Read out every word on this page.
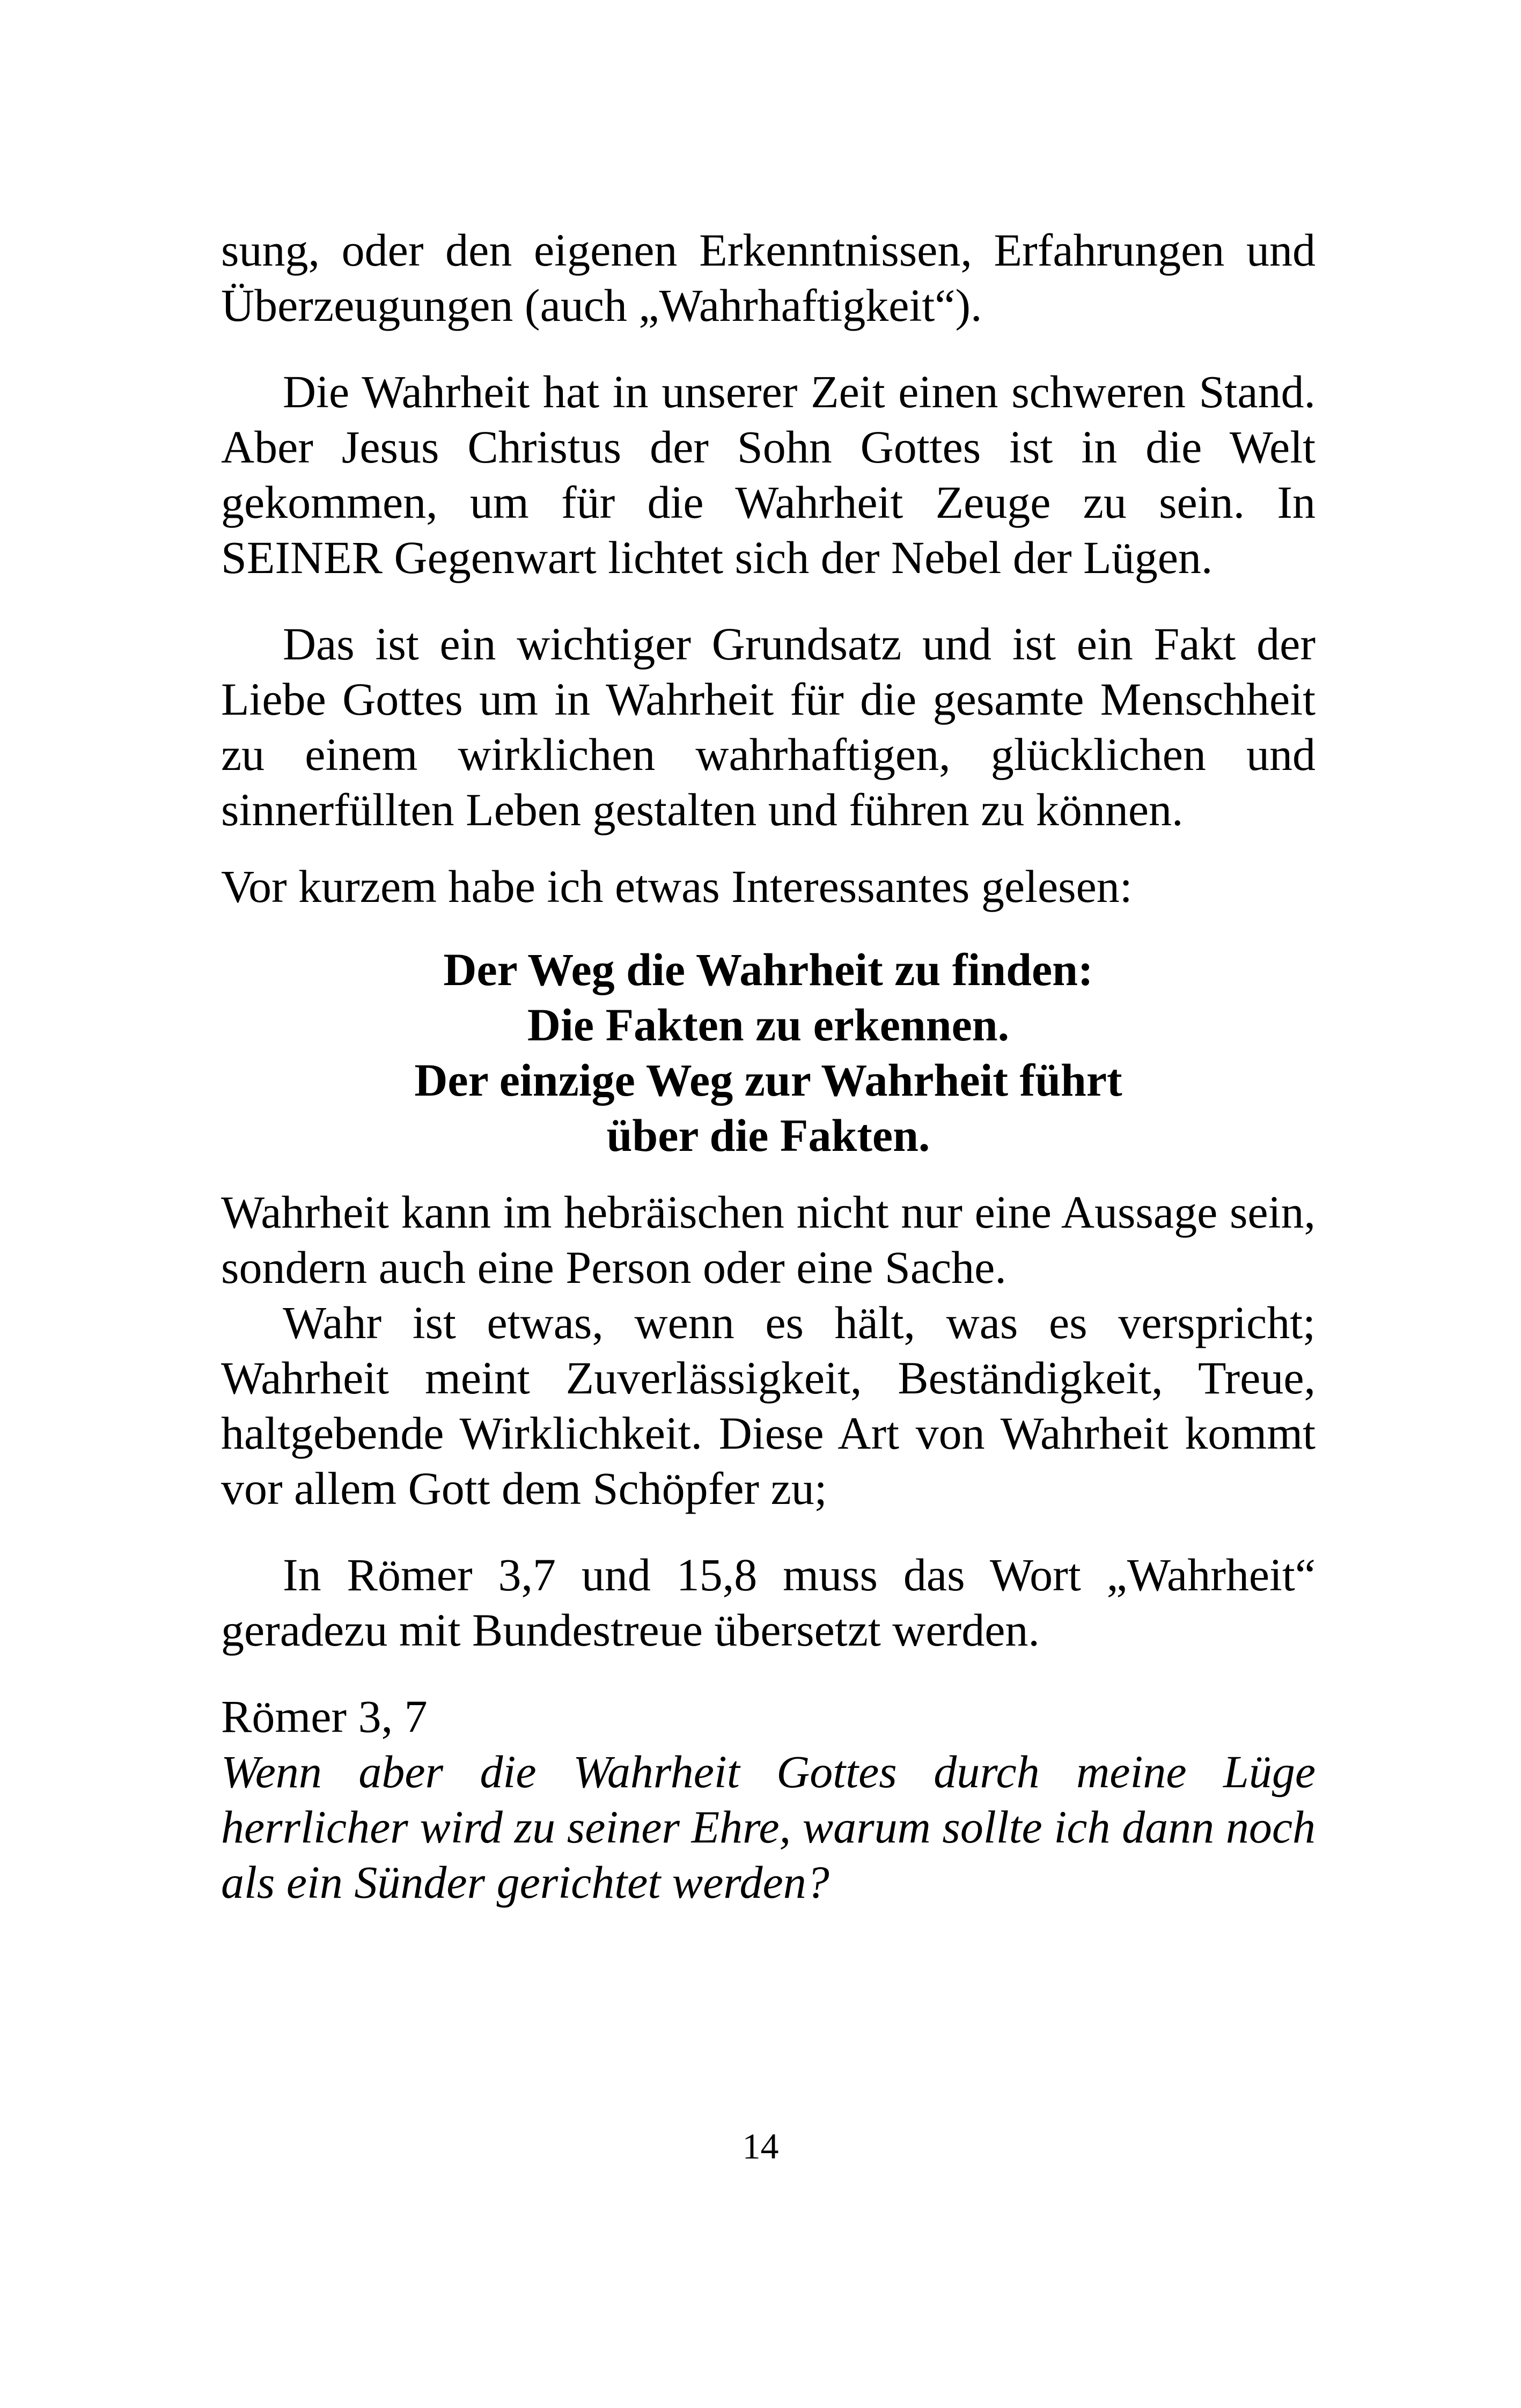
sung, oder den eigenen Erkenntnissen, Erfahrungen und Überzeugungen (auch „Wahrhaftigkeit“).

Die Wahrheit hat in unserer Zeit einen schweren Stand. Aber Jesus Christus der Sohn Gottes ist in die Welt gekommen, um für die Wahrheit Zeuge zu sein. In SEINER Gegenwart lichtet sich der Nebel der Lügen.

Das ist ein wichtiger Grundsatz und ist ein Fakt der Liebe Gottes um in Wahrheit für die gesamte Menschheit zu einem wirklichen wahrhaftigen, glücklichen und sinnerfüllten Leben gestalten und führen zu können.

Vor kurzem habe ich etwas Interessantes gelesen:

Der Weg die Wahrheit zu finden:
Die Fakten zu erkennen.
Der einzige Weg zur Wahrheit führt
über die Fakten.

Wahrheit kann im hebräischen nicht nur eine Aussage sein, sondern auch eine Person oder eine Sache.

Wahr ist etwas, wenn es hält, was es verspricht; Wahrheit meint Zuverlässigkeit, Beständigkeit, Treue, haltgebende Wirklichkeit. Diese Art von Wahrheit kommt vor allem Gott dem Schöpfer zu;

In Römer 3,7 und 15,8 muss das Wort „Wahrheit“ geradezu mit Bundestreue übersetzt werden.

Römer 3, 7

Wenn aber die Wahrheit Gottes durch meine Lüge herrlicher wird zu seiner Ehre, warum sollte ich dann noch als ein Sünder gerichtet werden?

14
